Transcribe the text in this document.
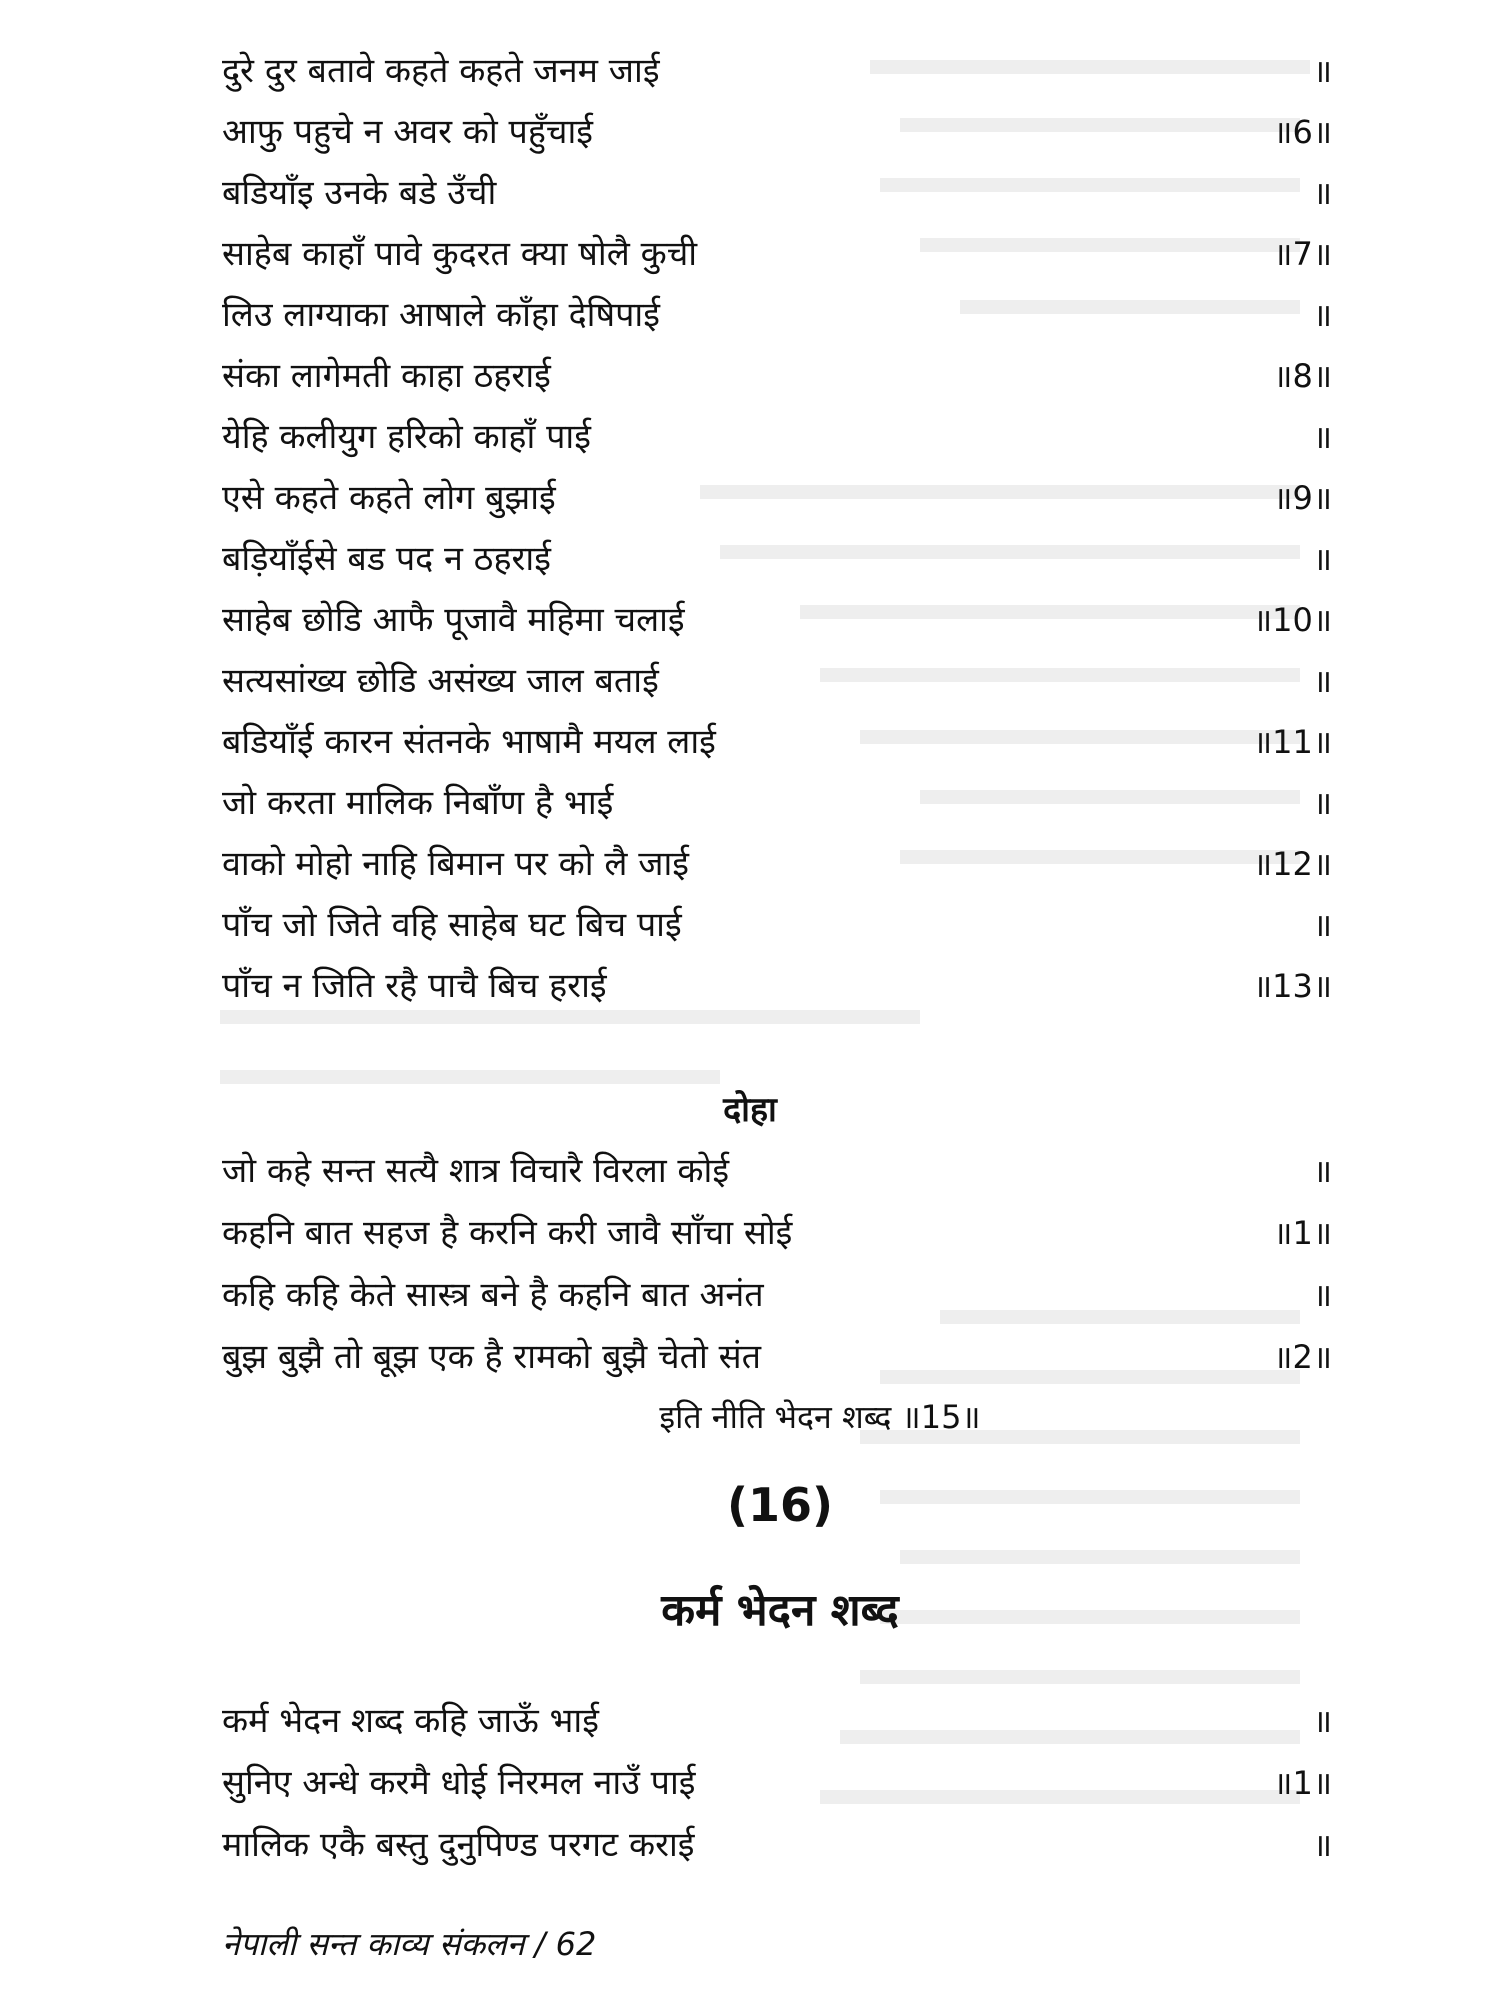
दुरे दुर बतावे कहते कहते जनम जाई	॥
आफु पहुचे न अवर को पहुँचाई	॥6॥
बडियाँइ उनके बडे उँची	॥
साहेब काहाँ पावे कुदरत क्या षोलै कुची	॥7॥
लिउ लाग्याका आषाले काँहा देषिपाई	॥
संका लागेमती काहा ठहराई	॥8॥
येहि कलीयुग हरिको काहाँ पाई	॥
एसे कहते कहते लोग बुझाई	॥9॥
बड़ियाँईसे बड पद न ठहराई	॥
साहेब छोडि आफै पूजावै महिमा चलाई	॥10॥
सत्यसांख्य छोडि असंख्य जाल बताई	॥
बडियाँई कारन संतनके भाषामै मयल लाई	॥11॥
जो करता मालिक निबाँण है भाई	॥
वाको मोहो नाहि बिमान पर को लै जाई	॥12॥
पाँच जो जिते वहि साहेब घट बिच पाई	॥
पाँच न जिति रहै पाचै बिच हराई	॥13॥
दोहा
जो कहे सन्त सत्यै शात्र विचारै विरला कोई	॥
कहनि बात सहज है करनि करी जावै साँचा सोई	॥1॥
कहि कहि केते सास्त्र बने है कहनि बात अनंत	॥
बुझ बुझै तो बूझ एक है रामको बुझै चेतो संत	॥2॥
इति नीति भेदन शब्द ॥15॥
(16)
कर्म भेदन शब्द
कर्म भेदन शब्द कहि जाऊँ भाई	॥
सुनिए अन्धे करमै धोई निरमल नाउँ पाई	॥1॥
मालिक एकै बस्तु दुनुपिण्ड परगट कराई	॥
नेपाली सन्त काव्य संकलन / 62
